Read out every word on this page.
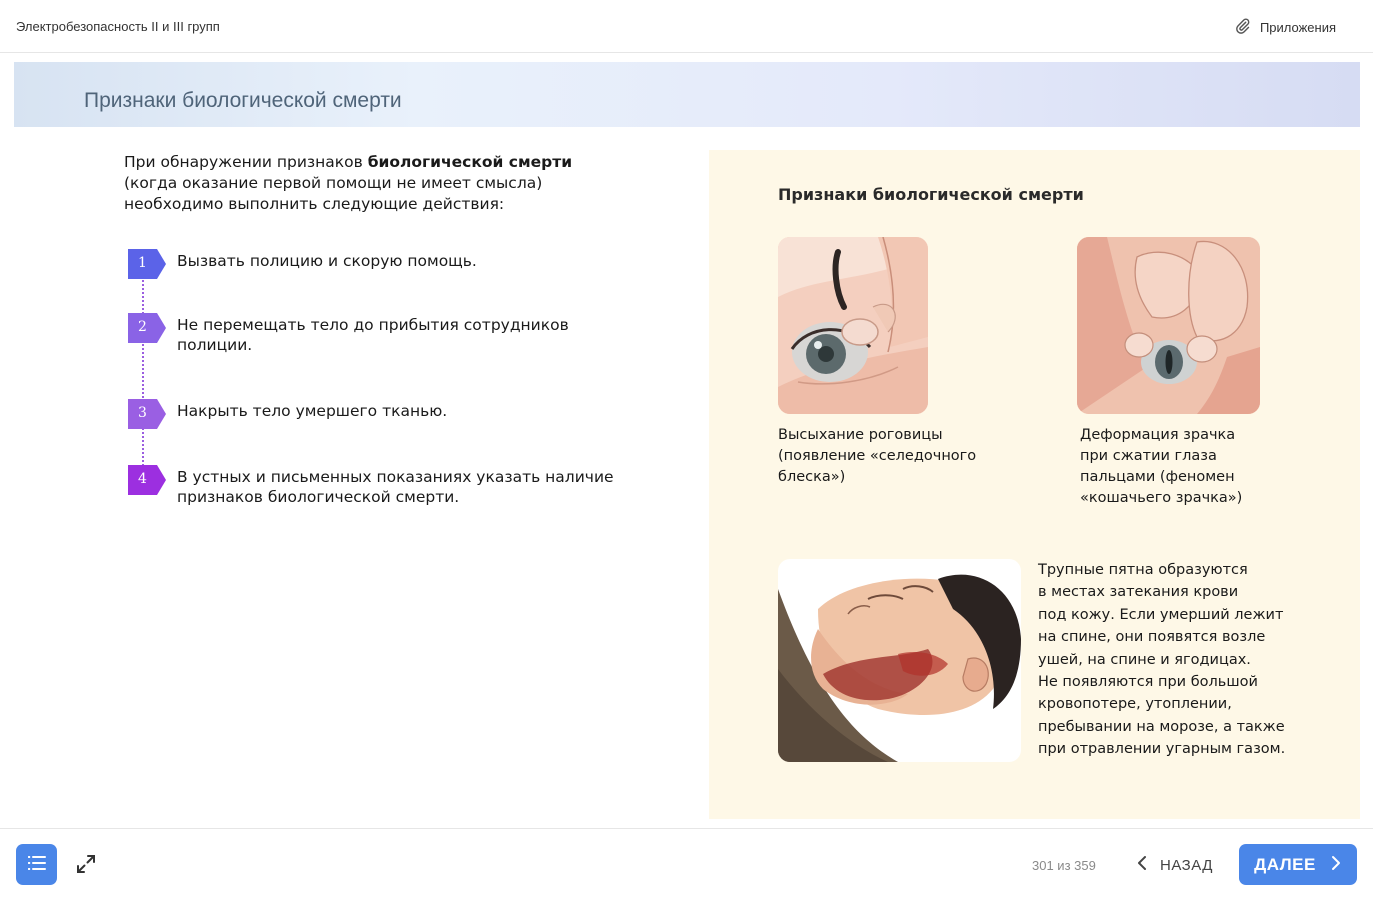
Электробезопасность II и III групп	Приложения
Признаки биологической смерти
При обнаружении признаков биологической смерти
(когда оказание первой помощи не имеет смысла)
необходимо выполнить следующие действия:
1	Вызвать полицию и скорую помощь.
2	Не перемещать тело до прибытия сотрудников полиции.
3	Накрыть тело умершего тканью.
4	В устных и письменных показаниях указать наличие признаков биологической смерти.
Признаки биологической смерти
Высыхание роговицы
(появление «селедочного
блеска»)
Деформация зрачка
при сжатии глаза
пальцами (феномен
«кошачьего зрачка»)
Трупные пятна образуются
в местах затекания крови
под кожу. Если умерший лежит
на спине, они появятся возле
ушей, на спине и ягодицах.
Не появляются при большой
кровопотере, утоплении,
пребывании на морозе, а также
при отравлении угарным газом.
301 из 359	НАЗАД ДАЛЕЕ
